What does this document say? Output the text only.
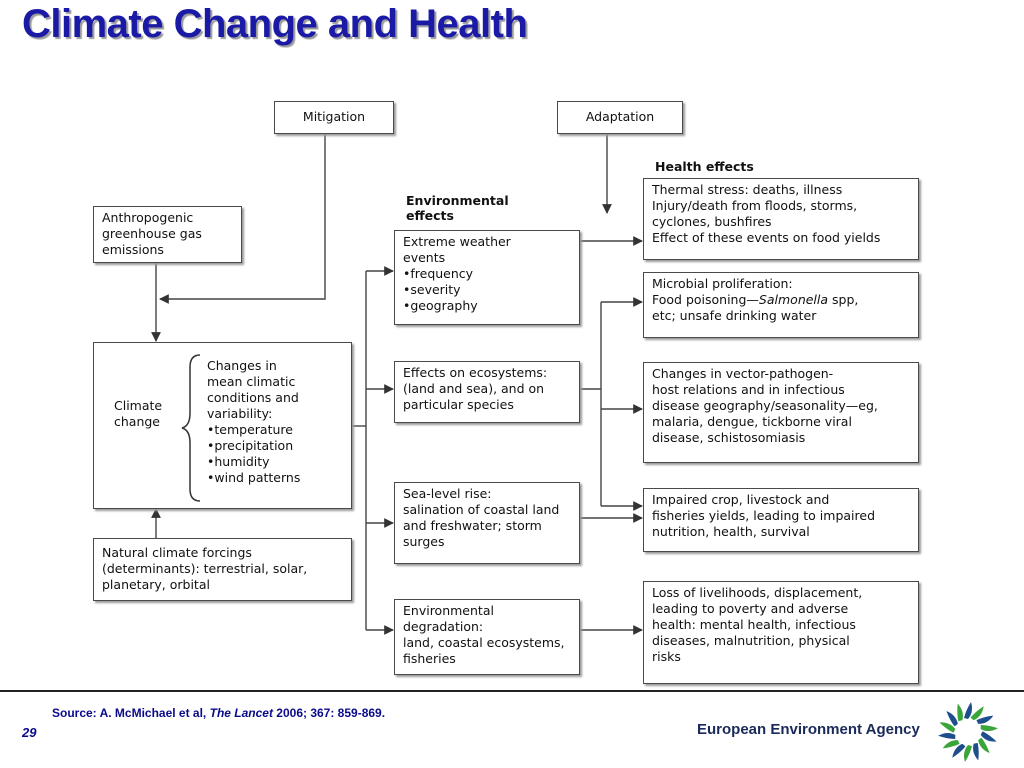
Climate Change and Health
Mitigation
Anthropogenic
greenhouse gas
emissions
Climate
change
Changes in
mean climatic
conditions and
variability:
•temperature
•precipitation
•humidity
•wind patterns
Natural climate forcings
(determinants): terrestrial, solar,
planetary, orbital
Environmental
effects
Adaptation
Extreme weather
events
•frequency
•severity
•geography
Effects on ecosystems:
(land and sea), and on
particular species
Sea-level rise:
salination of coastal land
and freshwater; storm
surges
Environmental
degradation:
land, coastal ecosystems,
fisheries
Health effects
Thermal stress: deaths, illness
Injury/death from floods, storms,
cyclones, bushfires
Effect of these events on food yields
Microbial proliferation:
Food poisoning—Salmonella spp,
etc; unsafe drinking water
Changes in vector-pathogen-
host relations and in infectious
disease geography/seasonality—eg,
malaria, dengue, tickborne viral
disease, schistosomiasis
Impaired crop, livestock and
fisheries yields, leading to impaired
nutrition, health, survival
Loss of livelihoods, displacement,
leading to poverty and adverse
health: mental health, infectious
diseases, malnutrition, physical
risks
Source: A. McMichael et al, The Lancet 2006; 367: 859-869.
29	European Environment Agency
